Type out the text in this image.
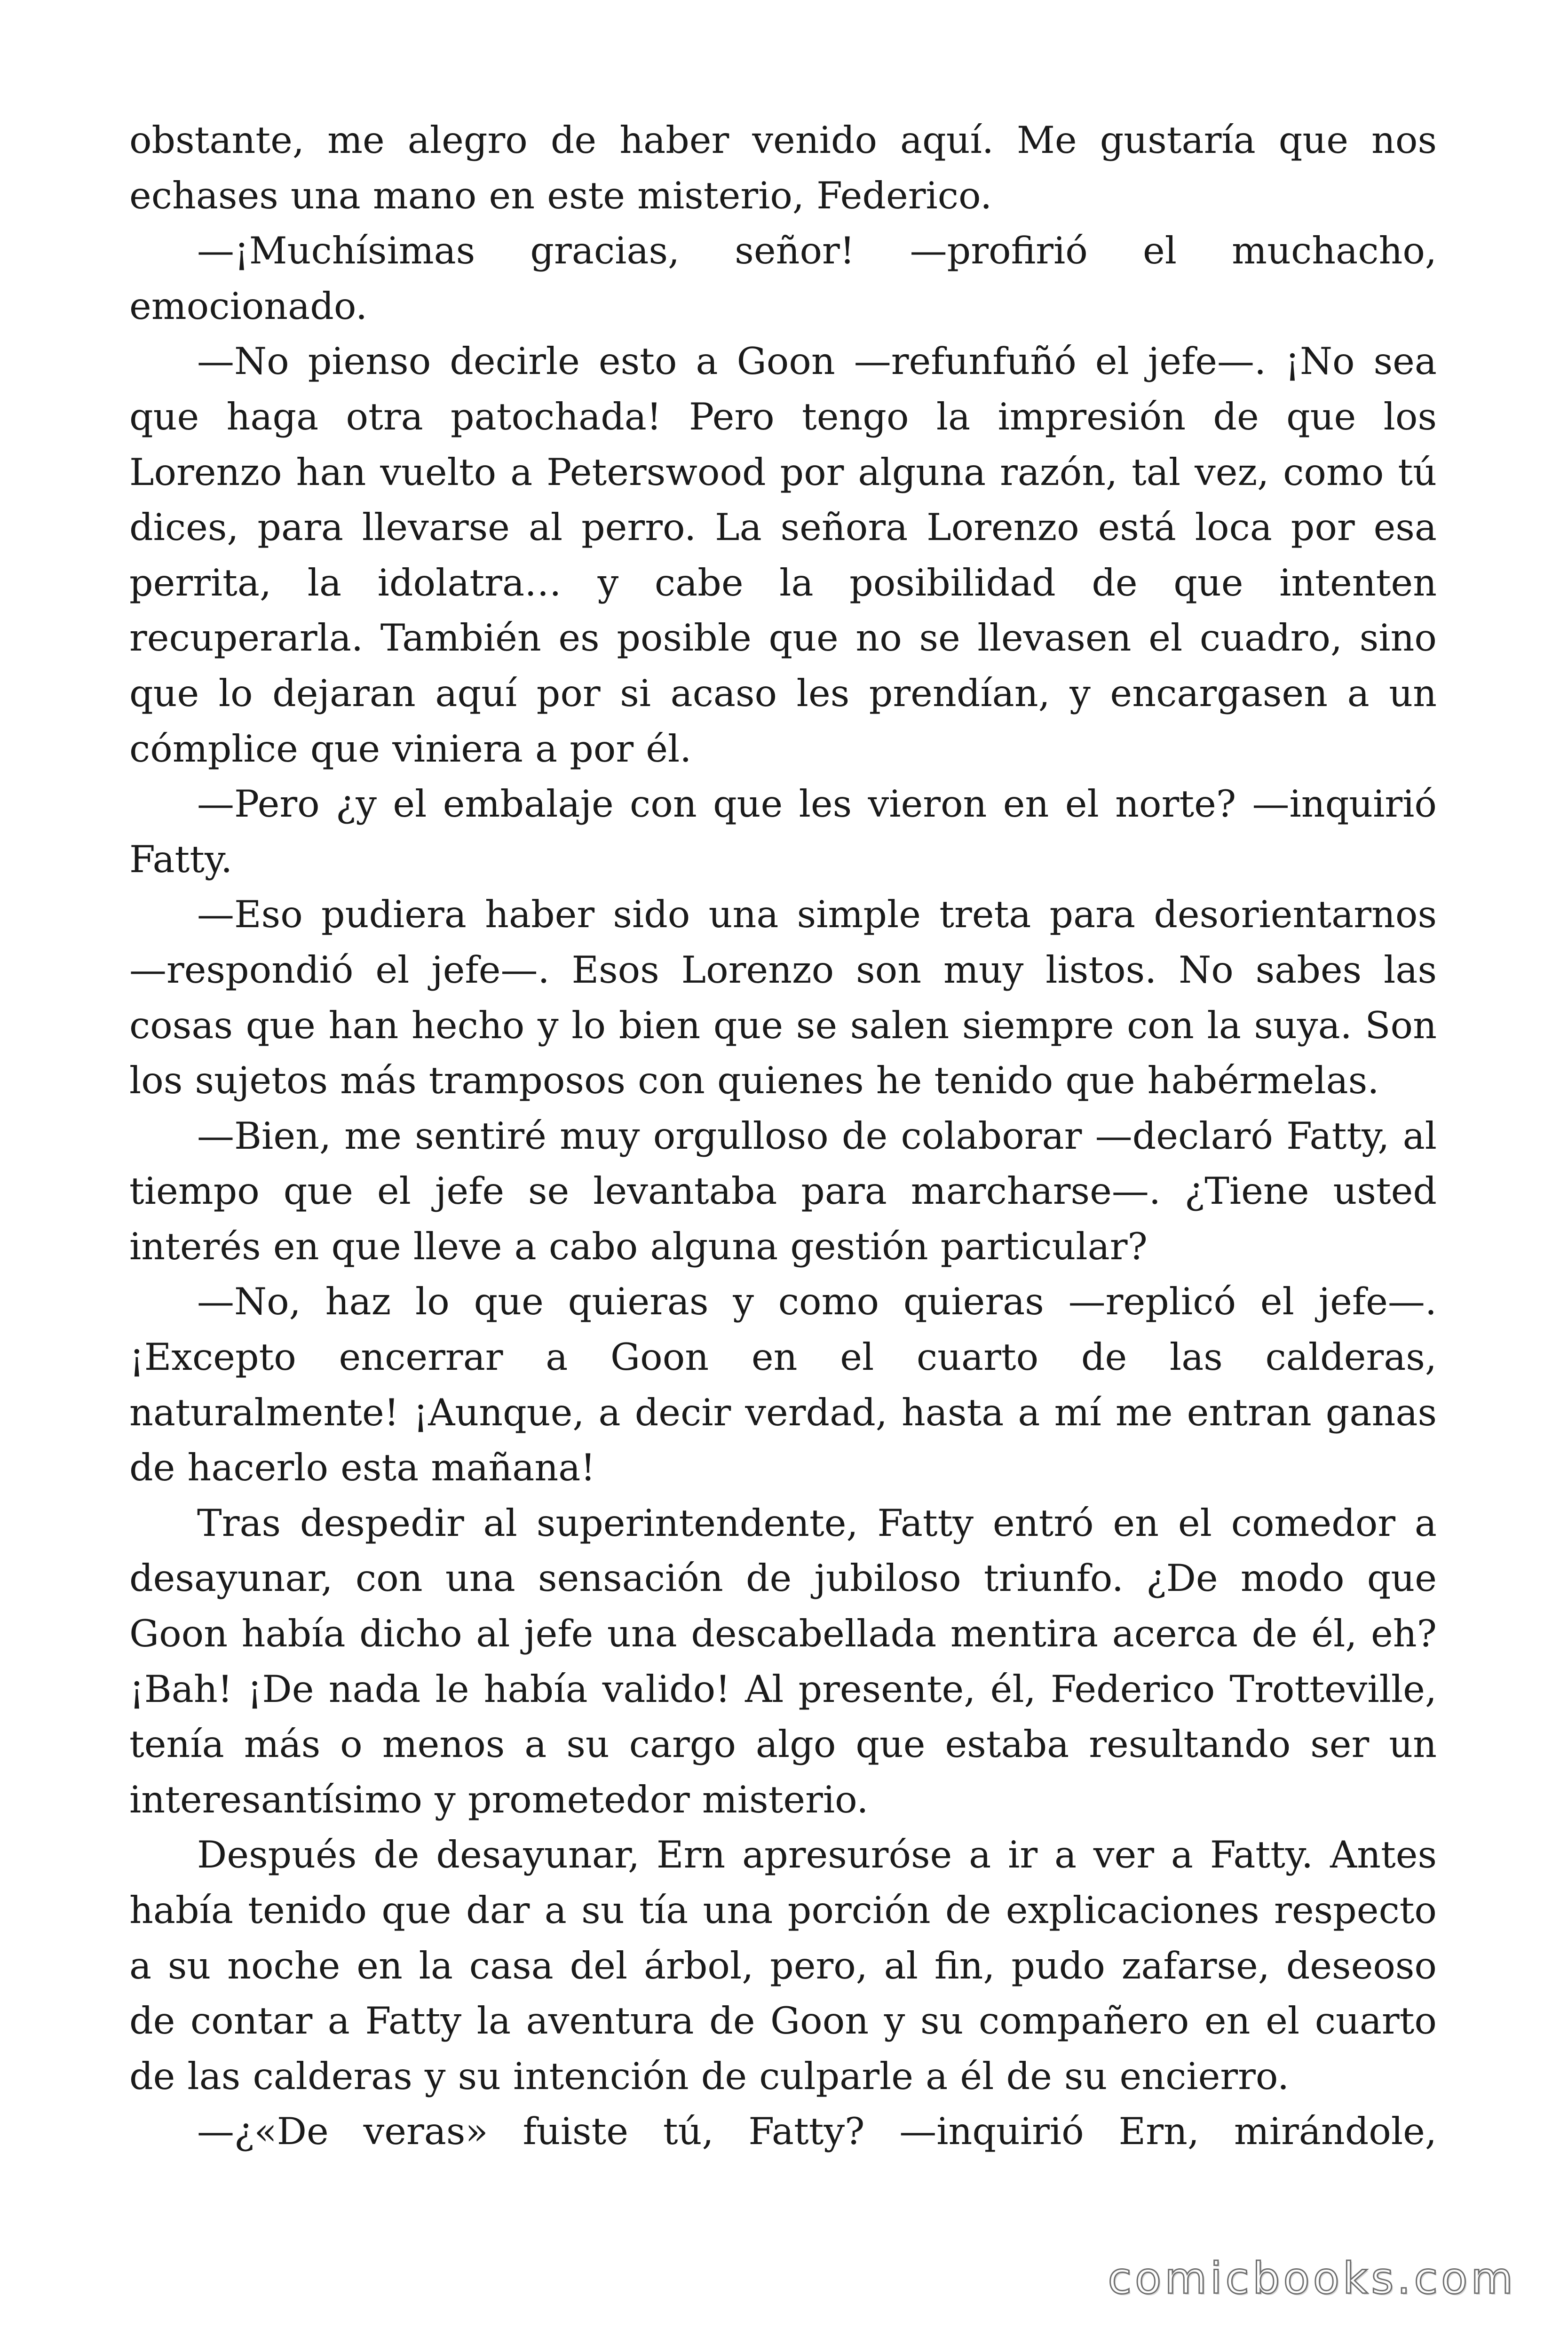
obstante, me alegro de haber venido aquí. Me gustaría que nos echases una mano en este misterio, Federico.

—¡Muchísimas gracias, señor! —profirió el muchacho, emocionado.

—No pienso decirle esto a Goon —refunfuñó el jefe—. ¡No sea que haga otra patochada! Pero tengo la impresión de que los Lorenzo han vuelto a Peterswood por alguna razón, tal vez, como tú dices, para llevarse al perro. La señora Lorenzo está loca por esa perrita, la idolatra… y cabe la posibilidad de que intenten recuperarla. También es posible que no se llevasen el cuadro, sino que lo dejaran aquí por si acaso les prendían, y encargasen a un cómplice que viniera a por él.

—Pero ¿y el embalaje con que les vieron en el norte? —inquirió Fatty.

—Eso pudiera haber sido una simple treta para desorientarnos —respondió el jefe—. Esos Lorenzo son muy listos. No sabes las cosas que han hecho y lo bien que se salen siempre con la suya. Son los sujetos más tramposos con quienes he tenido que habérmelas.

—Bien, me sentiré muy orgulloso de colaborar —declaró Fatty, al tiempo que el jefe se levantaba para marcharse—. ¿Tiene usted interés en que lleve a cabo alguna gestión particular?

—No, haz lo que quieras y como quieras —replicó el jefe—. ¡Excepto encerrar a Goon en el cuarto de las calderas, naturalmente! ¡Aunque, a decir verdad, hasta a mí me entran ganas de hacerlo esta mañana!

Tras despedir al superintendente, Fatty entró en el comedor a desayunar, con una sensación de jubiloso triunfo. ¿De modo que Goon había dicho al jefe una descabellada mentira acerca de él, eh? ¡Bah! ¡De nada le había valido! Al presente, él, Federico Trotteville, tenía más o menos a su cargo algo que estaba resultando ser un interesantísimo y prometedor misterio.

Después de desayunar, Ern apresuróse a ir a ver a Fatty. Antes había tenido que dar a su tía una porción de explicaciones respecto a su noche en la casa del árbol, pero, al fin, pudo zafarse, deseoso de contar a Fatty la aventura de Goon y su compañero en el cuarto de las calderas y su intención de culparle a él de su encierro.

—¿«De veras» fuiste tú, Fatty? —inquirió Ern, mirándole,

comicbooks.com
